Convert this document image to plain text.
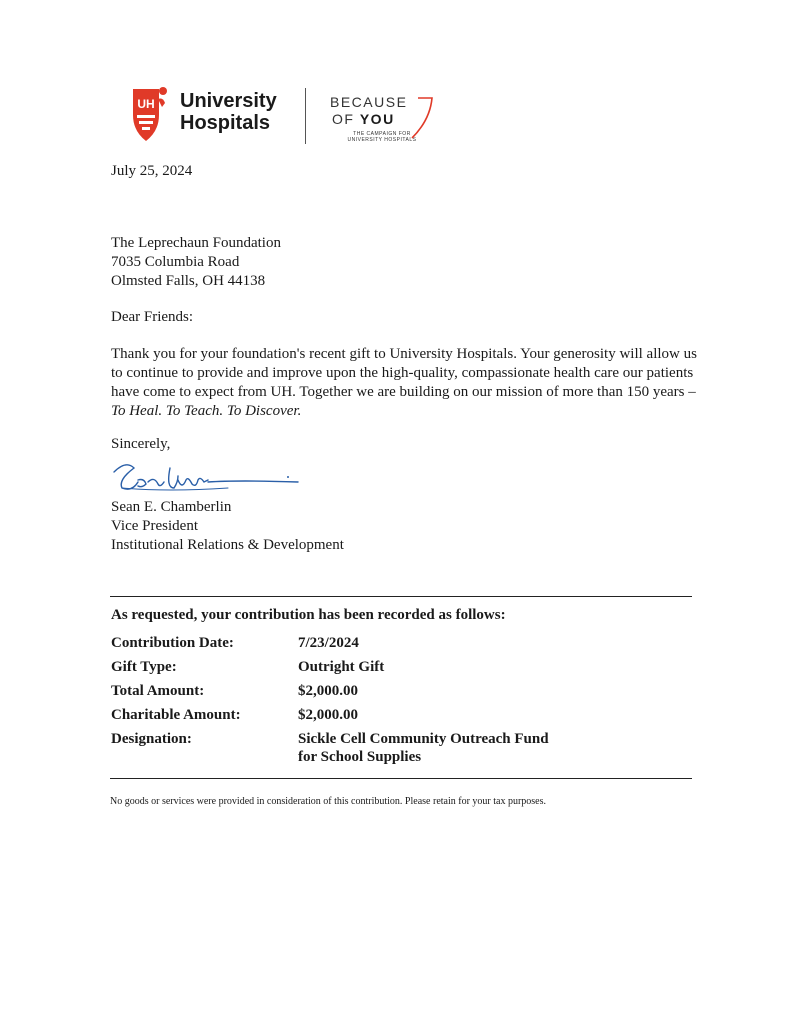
UH University
Hospitals
BECAUSE
OF YOU
THE CAMPAIGN FOR UNIVERSITY HOSPITALS
July 25, 2024
The Leprechaun Foundation
7035 Columbia Road
Olmsted Falls, OH 44138
Dear Friends:
Thank you for your foundation's recent gift to University Hospitals. Your generosity will allow us to continue to provide and improve upon the high-quality, compassionate health care our patients have come to expect from UH. Together we are building on our mission of more than 150 years – To Heal. To Teach. To Discover.
Sincerely,
Sean E. Chamberlin
Vice President
Institutional Relations & Development
As requested, your contribution has been recorded as follows:
Contribution Date:	7/23/2024
Gift Type:	Outright Gift
Total Amount:	$2,000.00
Charitable Amount:	$2,000.00
Designation:	Sickle Cell Community Outreach Fund
for School Supplies
No goods or services were provided in consideration of this contribution. Please retain for your tax purposes.
